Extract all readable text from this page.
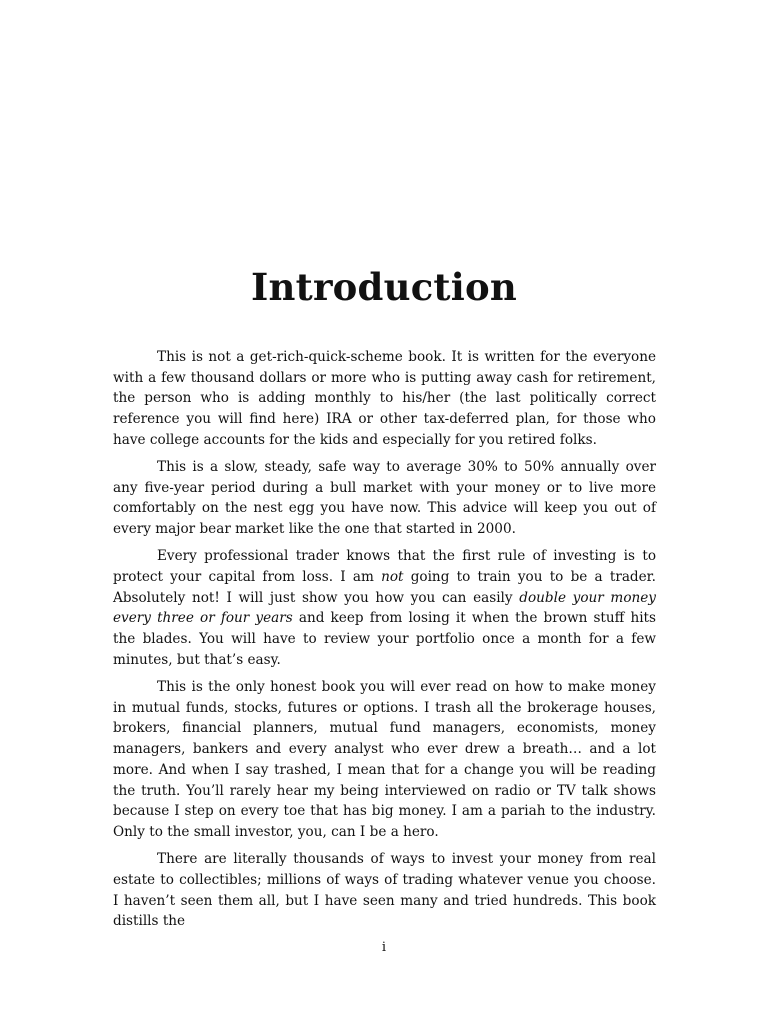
Introduction

This is not a get-rich-quick-scheme book. It is written for the everyone with a few thousand dollars or more who is putting away cash for retirement, the person who is adding monthly to his/her (the last politically correct reference you will find here) IRA or other tax-deferred plan, for those who have college accounts for the kids and especially for you retired folks.

This is a slow, steady, safe way to average 30% to 50% annually over any five-year period during a bull market with your money or to live more comfortably on the nest egg you have now. This advice will keep you out of every major bear market like the one that started in 2000.

Every professional trader knows that the first rule of investing is to protect your capital from loss. I am not going to train you to be a trader. Absolutely not! I will just show you how you can easily double your money every three or four years and keep from losing it when the brown stuff hits the blades. You will have to review your portfolio once a month for a few minutes, but that’s easy.

This is the only honest book you will ever read on how to make money in mutual funds, stocks, futures or options. I trash all the brokerage houses, brokers, financial planners, mutual fund managers, economists, money managers, bankers and every analyst who ever drew a breath… and a lot more. And when I say trashed, I mean that for a change you will be reading the truth. You’ll rarely hear my being interviewed on radio or TV talk shows because I step on every toe that has big money. I am a pariah to the industry. Only to the small investor, you, can I be a hero.

There are literally thousands of ways to invest your money from real estate to collectibles; millions of ways of trading whatever venue you choose. I haven’t seen them all, but I have seen many and tried hundreds. This book distills the

i
